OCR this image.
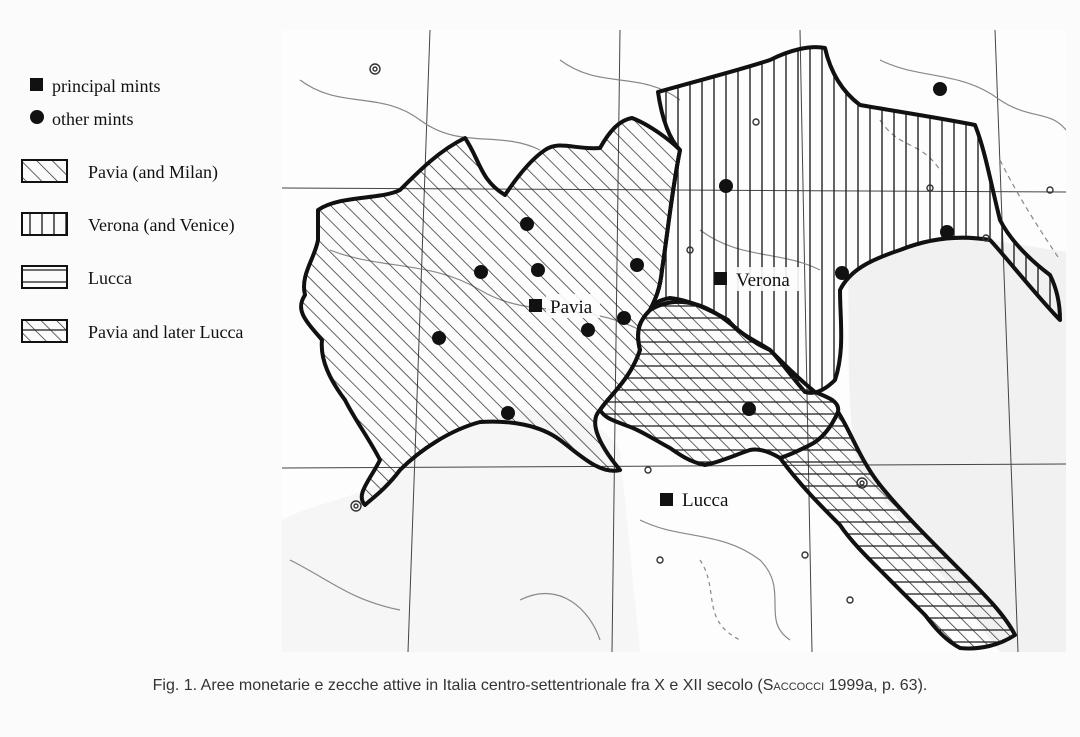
Pavia
Verona
Lucca
principal mints
other mints
Pavia (and Milan)
Verona (and Venice)
Lucca
Pavia and later Lucca
Fig. 1. Aree monetarie e zecche attive in Italia centro-settentrionale fra X e XII secolo (Saccocci 1999a, p. 63).
